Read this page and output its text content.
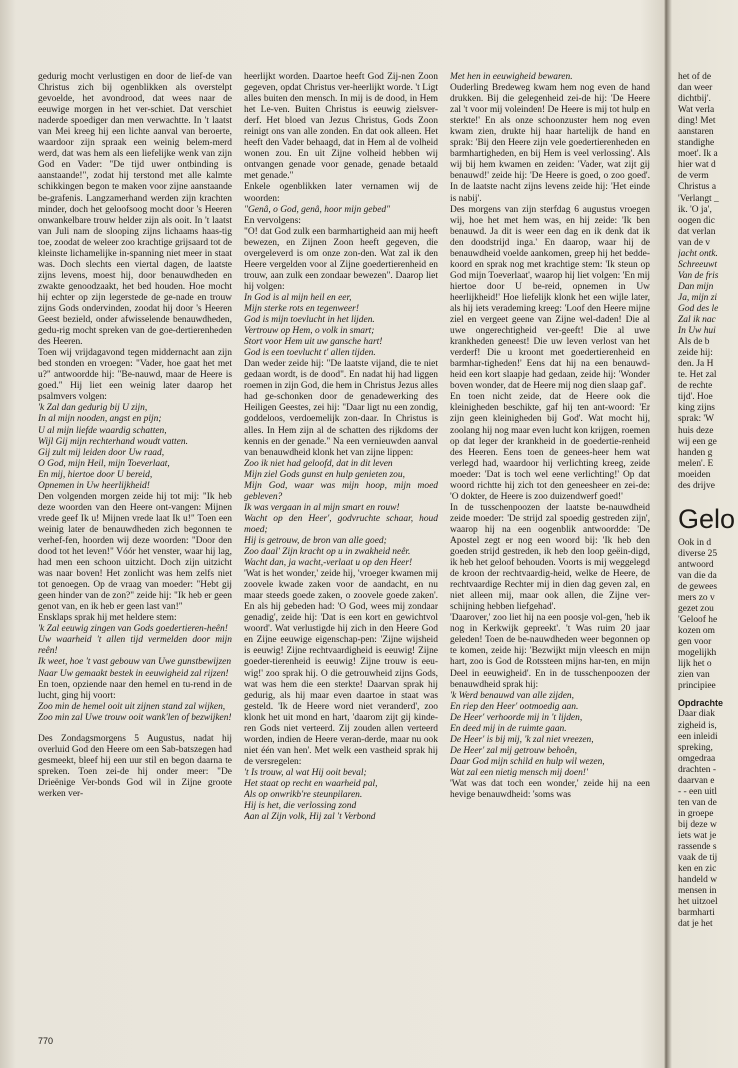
gedurig mocht verlustigen en door de lief-de van Christus zich bij ogenblikken als overstelpt gevoelde, het avondrood, dat wees naar de eeuwige morgen in het ver-schiet. Dat verschiet naderde spoediger dan men verwachtte. In 't laatst van Mei kreeg hij een lichte aanval van beroerte, waardoor zijn spraak een weinig belem-merd werd, dat was hem als een liefelijke wenk van zijn God en Vader: "De tijd uwer ontbinding is aanstaande!", zodat hij terstond met alle kalmte schikkingen begon te maken voor zijne aanstaande be-grafenis. Langzamerhand werden zijn krachten minder, doch het geloofsoog mocht door 's Heeren onwankelbare trouw helder zijn als ooit. In 't laatst van Juli nam de slooping zijns lichaams haas-tig toe, zoodat de weleer zoo krachtige grijsaard tot de kleinste lichamelijke in-spanning niet meer in staat was. Doch slechts een viertal dagen, de laatste zijns levens, moest hij, door benauwdheden en zwakte genoodzaakt, het bed houden. Hoe mocht hij echter op zijn legerstede de ge-nade en trouw zijns Gods ondervinden, zoodat hij door 's Heeren Geest bezield, onder afwisselende benauwdheden, gedu-rig mocht spreken van de goe-dertierenheden des Heeren.

Toen wij vrijdagavond tegen middernacht aan zijn bed stonden en vroegen: "Vader, hoe gaat het met u?" antwoordde hij: "Be-nauwd, maar de Heere is goed." Hij liet een weinig later daarop het psalmvers volgen:

'k Zal dan gedurig bij U zijn,

In al mijn nooden, angst en pijn;

U al mijn liefde waardig schatten,

Wijl Gij mijn rechterhand woudt vatten.

Gij zult mij leiden door Uw raad,

O God, mijn Heil, mijn Toeverlaat,

En mij, hiertoe door U bereid,

Opnemen in Uw heerlijkheid!

Den volgenden morgen zeide hij tot mij: "Ik heb deze woorden van den Heere ont-vangen: Mijnen vrede geef Ik u! Mijnen vrede laat Ik u!" Toen een weinig later de benauwdheden zich begonnen te verhef-fen, hoorden wij deze woorden: "Door den dood tot het leven!" Vóór het venster, waar hij lag, had men een schoon uitzicht. Doch zijn uitzicht was naar boven! Het zonlicht was hem zelfs niet tot genoegen. Op de vraag van moeder: "Hebt gij geen hinder van de zon?" zeide hij: "Ik heb er geen genot van, en ik heb er geen last van!"

Ensklaps sprak hij met heldere stem:

'k Zal eeuwig zingen van Gods goedertieren-heên!

Uw waarheid 't allen tijd vermelden door mijn reên!

Ik weet, hoe 't vast gebouw van Uwe gunstbewijzen

Naar Uw gemaakt bestek in eeuwigheid zal rijzen!

En toen, opziende naar den hemel en tu-rend in de lucht, ging hij voort:

Zoo min de hemel ooit uit zijnen stand zal wijken,

Zoo min zal Uwe trouw ooit wank'len of bezwijken!

Des Zondagsmorgens 5 Augustus, nadat hij overluid God den Heere om een Sab-batszegen had gesmeekt, bleef hij een uur stil en begon daarna te spreken. Toen zei-de hij onder meer: "De Drieënige Ver-bonds God wil in Zijne groote werken ver-

heerlijkt worden. Daartoe heeft God Zij-nen Zoon gegeven, opdat Christus ver-heerlijkt worde. 't Ligt alles buiten den mensch. In mij is de dood, in Hem het Le-ven. Buiten Christus is eeuwig zielsver-derf. Het bloed van Jezus Christus, Gods Zoon reinigt ons van alle zonden. En dat ook alleen. Het heeft den Vader behaagd, dat in Hem al de volheid wonen zou. En uit Zijne volheid hebben wij ontvangen genade voor genade, genade betaald met genade."

Enkele ogenblikken later vernamen wij de woorden:

"Genâ, o God, genâ, hoor mijn gebed"

En vervolgens:

"O! dat God zulk een barmhartigheid aan mij heeft bewezen, en Zijnen Zoon heeft gegeven, die overgeleverd is om onze zon-den. Wat zal ik den Heere vergelden voor al Zijne goedertierenheid en trouw, aan zulk een zondaar bewezen". Daarop liet hij volgen:

In God is al mijn heil en eer,

Mijn sterke rots en tegenweer!

God is mijn toevlucht in het lijden.

Vertrouw op Hem, o volk in smart;

Stort voor Hem uit uw gansche hart!

God is een toevlucht t' allen tijden.

Dan weder zeide hij: "De laatste vijand, die te niet gedaan wordt, is de dood". En nadat hij had liggen roemen in zijn God, die hem in Christus Jezus alles had ge-schonken door de genadewerking des Heiligen Geestes, zei hij: "Daar ligt nu een zondig, goddeloos, verdoemelijk zon-daar. In Christus is alles. In Hem zijn al de schatten des rijkdoms der kennis en der genade." Na een vernieuwden aanval van benauwdheid klonk het van zijne lippen:

Zoo ik niet had geloofd, dat in dit leven

Mijn ziel Gods gunst en hulp genieten zou,

Mijn God, waar was mijn hoop, mijn moed gebleven?

Ik was vergaan in al mijn smart en rouw!

Wacht op den Heer', godvruchte schaar, houd moed;

Hij is getrouw, de bron van alle goed;

Zoo daal' Zijn kracht op u in zwakheid neêr.

Wacht dan, ja wacht,-verlaat u op den Heer!

'Wat is het wonder,' zeide hij, 'vroeger kwamen mij zoovele kwade zaken voor de aandacht, en nu maar steeds goede zaken, o zoovele goede zaken'. En als hij gebeden had: 'O God, wees mij zondaar genadig', zeide hij: 'Dat is een kort en gewichtvol woord'. Wat verlustigde hij zich in den Heere God en Zijne eeuwige eigenschap-pen: 'Zijne wijsheid is eeuwig! Zijne rechtvaardigheid is eeuwig! Zijne goeder-tierenheid is eeuwig! Zijne trouw is eeu-wig!' zoo sprak hij. O die getrouwheid zijns Gods, wat was hem die een sterkte! Daarvan sprak hij gedurig, als hij maar even daartoe in staat was gesteld. 'Ik de Heere word niet veranderd', zoo klonk het uit mond en hart, 'daarom zijt gij kinde-ren Gods niet verteerd. Zij zouden allen verteerd worden, indien de Heere veran-derde, maar nu ook niet één van hen'. Met welk een vastheid sprak hij de versregelen:

't Is trouw, al wat Hij ooit beval;

Het staat op recht en waarheid pal,

Als op onwrikb're steunpilaren.

Hij is het, die verlossing zond

Aan al Zijn volk, Hij zal 't Verbond

Met hen in eeuwigheid bewaren.

Ouderling Bredeweg kwam hem nog even de hand drukken. Bij die gelegenheid zei-de hij: 'De Heere zal 't voor mij voleinden! De Heere is mij tot hulp en sterkte!' En als onze schoonzuster hem nog even kwam zien, drukte hij haar hartelijk de hand en sprak: 'Bij den Heere zijn vele goedertierenheden en barmhartigheden, en bij Hem is veel verlossing'. Als wij bij hem kwamen en zeiden: 'Vader, wat zijt gij benauwd!' zeide hij: 'De Heere is goed, o zoo goed'. In de laatste nacht zijns levens zeide hij: 'Het einde is nabij'.

Des morgens van zijn sterfdag 6 augustus vroegen wij, hoe het met hem was, en hij zeide: 'Ik ben benauwd. Ja dit is weer een dag en ik denk dat ik den doodstrijd inga.' En daarop, waar hij de benauwdheid voelde aankomen, greep hij het bedde-koord en sprak nog met krachtige stem: 'Ik steun op God mijn Toeverlaat', waarop hij liet volgen: 'En mij hiertoe door U be-reid, opnemen in Uw heerlijkheid!' Hoe liefelijk klonk het een wijle later, als hij iets verademing kreeg: 'Loof den Heere mijne ziel en vergeet geene van Zijne wel-daden! Die al uwe ongerechtigheid ver-geeft! Die al uwe krankheden geneest! Die uw leven verlost van het verderf! Die u kroont met goedertierenheid en barmhar-tigheden!' Eens dat hij na een benauwd-heid een kort slaapje had gedaan, zeide hij: 'Wonder boven wonder, dat de Heere mij nog dien slaap gaf'.

En toen nicht zeide, dat de Heere ook die kleinigheden beschikte, gaf hij ten ant-woord: 'Er zijn geen kleinigheden bij God'. Wat mocht hij, zoolang hij nog maar even lucht kon krijgen, roemen op dat leger der krankheid in de goedertie-renheid des Heeren. Eens toen de genees-heer hem wat verlegd had, waardoor hij verlichting kreeg, zeide moeder: 'Dat is toch wel eene verlichting!' Op dat woord richtte hij zich tot den geneesheer en zei-de: 'O dokter, de Heere is zoo duizendwerf goed!'

In de tusschenpoozen der laatste be-nauwdheid zeide moeder: 'De strijd zal spoedig gestreden zijn', waarop hij na een oogenblik antwoordde: 'De Apostel zegt er nog een woord bij: 'Ik heb den goeden strijd gestreden, ik heb den loop geëin-digd, ik heb het geloof behouden. Voorts is mij weggelegd de kroon der rechtvaardig-heid, welke de Heere, de rechtvaardige Rechter mij in dien dag geven zal, en niet alleen mij, maar ook allen, die Zijne ver-schijning hebben liefgehad'.

'Daarover,' zoo liet hij na een poosje vol-gen, 'heb ik nog in Kerkwijk gepreekt'. 't Was ruim 20 jaar geleden! Toen de be-nauwdheden weer begonnen op te komen, zeide hij: 'Bezwijkt mijn vleesch en mijn hart, zoo is God de Rotssteen mijns har-ten, en mijn Deel in eeuwigheid'. En in de tusschenpoozen der benauwdheid sprak hij:

'k Werd benauwd van alle zijden,

En riep den Heer' ootmoedig aan.

De Heer' verhoorde mij in 't lijden,

En deed mij in de ruimte gaan.

De Heer' is bij mij, 'k zal niet vreezen,

De Heer' zal mij getrouw behoên,

Daar God mijn schild en hulp wil wezen,

Wat zal een nietig mensch mij doen!'

'Wat was dat toch een wonder,' zeide hij na een hevige benauwdheid: 'soms was

het of de

dan weer

dichtbij'.

Wat verla

ding! Met

aanstaren

standighe

moet'. Ik a

hier wat d

de verm

Christus a

'Verlangt _

ik. 'O ja',

oogen dic

dat verlan

van de v

jacht ontk.

Schreeuwt

Van de fris

Dan mijn

Ja, mijn zi

God des le

Zal ik nac

In Uw hui

Als de b

zeide hij:

den. Ja H

te. Het zal

de rechte

tijd'. Hoe

king zijns

sprak: 'W

huis deze

wij een ge

handen g

melen'. E

moeiden

des drijve

Gelo

Ook in d

diverse 25

antwoord

van die da

de gewees

mers zo v

gezet zou

'Geloof he

kozen om

gen voor

mogelijkh

lijk het o

zien van

principiee

Opdrachte

Daar diak

zigheid is,

een inleidi

spreking,

omgedraa

drachten -

daarvan e

- - een uitl

ten van de

in groepe

bij deze w

iets wat je

rassende s

vaak de tij

ken en zic

handeld w

mensen in

het uitzoel

barmharti

dat je het

770
